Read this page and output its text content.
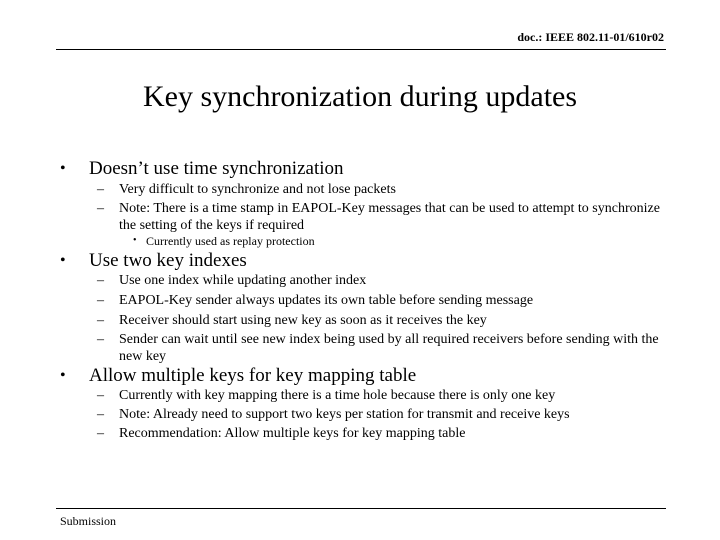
doc.: IEEE 802.11-01/610r02
Key synchronization during updates
• Doesn’t use time synchronization
–	Very difficult to synchronize and not lose packets
–	Note: There is a time stamp in EAPOL-Key messages that can be used to attempt to synchronize the setting of the keys if required
• Currently used as replay protection
• Use two key indexes
–	Use one index while updating another index
–	EAPOL-Key sender always updates its own table before sending message
–	Receiver should start using new key as soon as it receives the key
–	Sender can wait until see new index being used by all required receivers before sending with the new key
• Allow multiple keys for key mapping table
–	Currently with key mapping there is a time hole because there is only one key
–	Note: Already need to support two keys per station for transmit and receive keys
–	Recommendation: Allow multiple keys for key mapping table
Submission
